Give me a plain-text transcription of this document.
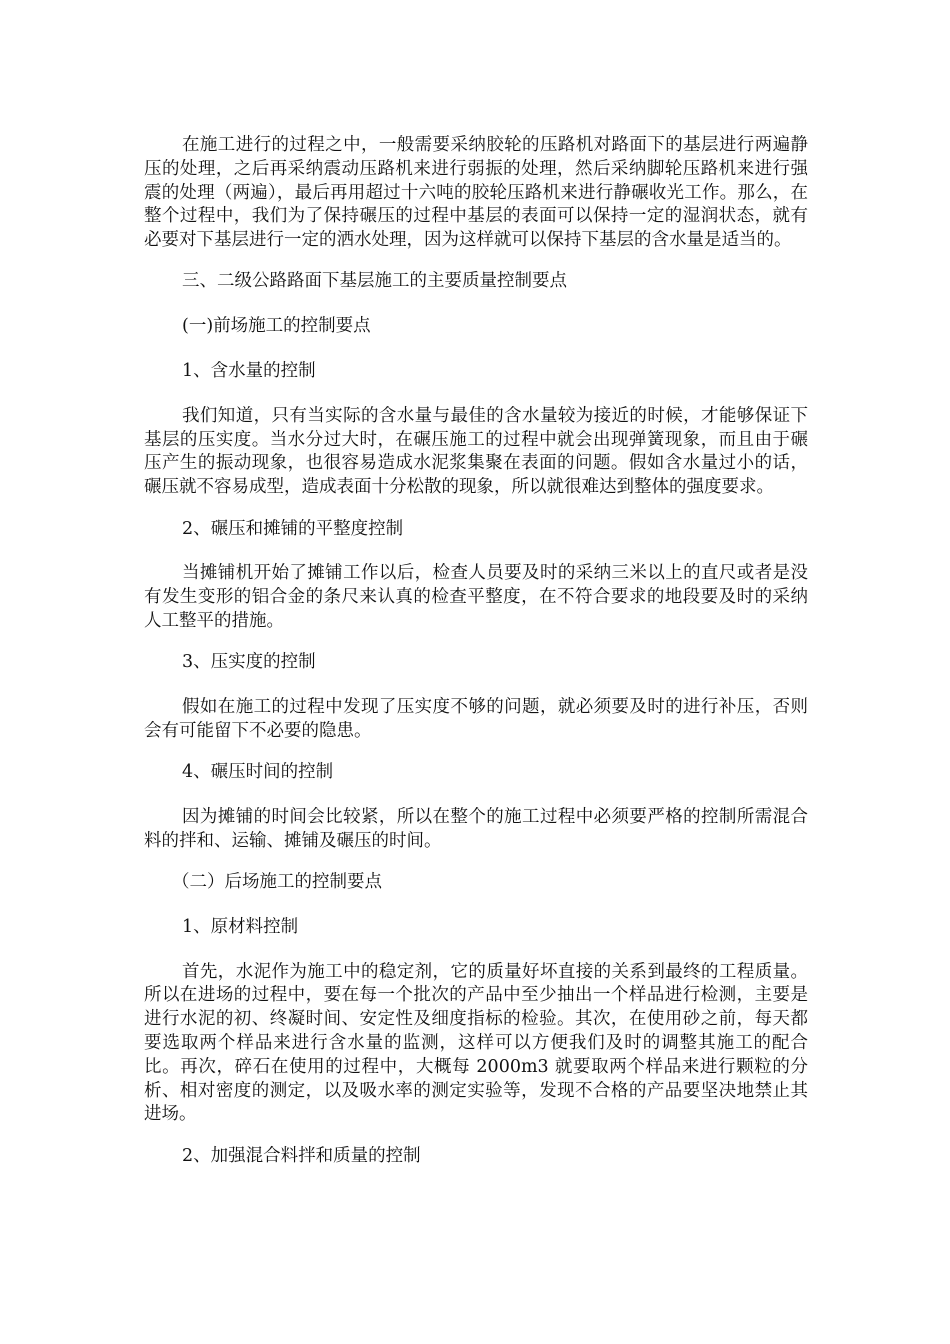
在施工进行的过程之中，一般需要采纳胶轮的压路机对路面下的基层进行两遍静压的处理，之后再采纳震动压路机来进行弱振的处理，然后采纳脚轮压路机来进行强震的处理（两遍），最后再用超过十六吨的胶轮压路机来进行静碾收光工作。那么，在整个过程中，我们为了保持碾压的过程中基层的表面可以保持一定的湿润状态，就有必要对下基层进行一定的洒水处理，因为这样就可以保持下基层的含水量是适当的。

三、二级公路路面下基层施工的主要质量控制要点

(一)前场施工的控制要点

1、含水量的控制

我们知道，只有当实际的含水量与最佳的含水量较为接近的时候，才能够保证下基层的压实度。当水分过大时，在碾压施工的过程中就会出现弹簧现象，而且由于碾压产生的振动现象，也很容易造成水泥浆集聚在表面的问题。假如含水量过小的话，碾压就不容易成型，造成表面十分松散的现象，所以就很难达到整体的强度要求。

2、碾压和摊铺的平整度控制

当摊铺机开始了摊铺工作以后，检查人员要及时的采纳三米以上的直尺或者是没有发生变形的铝合金的条尺来认真的检查平整度，在不符合要求的地段要及时的采纳人工整平的措施。

3、压实度的控制

假如在施工的过程中发现了压实度不够的问题，就必须要及时的进行补压，否则会有可能留下不必要的隐患。

4、碾压时间的控制

因为摊铺的时间会比较紧，所以在整个的施工过程中必须要严格的控制所需混合料的拌和、运输、摊铺及碾压的时间。

（二）后场施工的控制要点

1、原材料控制

首先，水泥作为施工中的稳定剂，它的质量好坏直接的关系到最终的工程质量。所以在进场的过程中，要在每一个批次的产品中至少抽出一个样品进行检测，主要是进行水泥的初、终凝时间、安定性及细度指标的检验。其次，在使用砂之前，每天都要选取两个样品来进行含水量的监测，这样可以方便我们及时的调整其施工的配合比。再次，碎石在使用的过程中，大概每 2000m3 就要取两个样品来进行颗粒的分析、相对密度的测定，以及吸水率的测定实验等，发现不合格的产品要坚决地禁止其进场。

2、加强混合料拌和质量的控制
